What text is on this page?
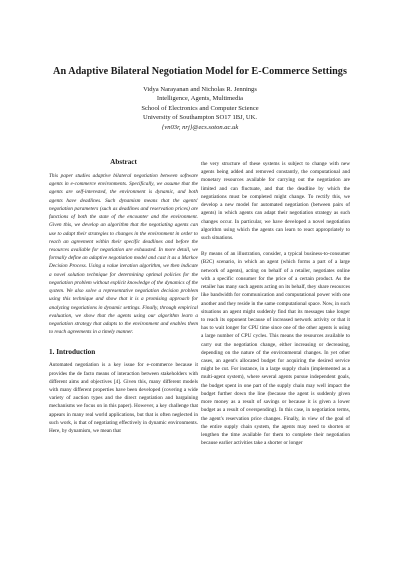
An Adaptive Bilateral Negotiation Model for E-Commerce Settings
Vidya Narayanan and Nicholas R. Jennings
Intelligence, Agents, Multimedia
School of Electronics and Computer Science
University of Southampton SO17 1BJ, UK.
{vn03r, nrj}@ecs.soton.ac.uk

Abstract

This paper studies adaptive bilateral negotiation between software agents in e-commerce environments. Specifically, we assume that the agents are self-interested, the environment is dynamic, and both agents have deadlines. Such dynamism means that the agents' negotiation parameters (such as deadlines and reservation prices) are functions of both the state of the encounter and the environment. Given this, we develop an algorithm that the negotiating agents can use to adapt their strategies to changes in the environment in order to reach an agreement within their specific deadlines and before the resources available for negotiation are exhausted. In more detail, we formally define an adaptive negotiation model and cast it as a Markov Decision Process. Using a value iteration algorithm, we then indicate a novel solution technique for determining optimal policies for the negotiation problem without explicit knowledge of the dynamics of the system. We also solve a representative negotiation decision problem using this technique and show that it is a promising approach for analyzing negotiations in dynamic settings. Finally, through empirical evaluation, we show that the agents using our algorithm learn a negotiation strategy that adapts to the environment and enables them to reach agreements in a timely manner.

1. Introduction

Automated negotiation is a key issue for e-commerce because it provides the de facto means of interaction between stakeholders with different aims and objectives [4]. Given this, many different models with many different properties have been developed (covering a wide variety of auction types and the direct negotiation and bargaining mechanisms we focus on in this paper). However, a key challenge that appears in many real world applications, but that is often neglected in such work, is that of negotiating effectively in dynamic environments. Here, by dynamism, we mean that

the very structure of these systems is subject to change with new agents being added and removed constantly, the computational and monetary resources available for carrying out the negotiation are limited and can fluctuate, and that the deadline by which the negotiations must be completed might change. To rectify this, we develop a new model for automated negotiation (between pairs of agents) in which agents can adapt their negotiation strategy as such changes occur. In particular, we have developed a novel negotiation algorithm using which the agents can learn to react appropriately to such situations.

By means of an illustration, consider, a typical business-to-consumer (B2C) scenario, in which an agent (which forms a part of a large network of agents), acting on behalf of a retailer, negotiates online with a specific consumer for the price of a certain product. As the retailer has many such agents acting on its behalf, they share resources like bandwidth for communication and computational power with one another and they reside in the same computational space. Now, in such situations an agent might suddenly find that its messages take longer to reach its opponent because of increased network activity or that it has to wait longer for CPU time since one of the other agents is using a large number of CPU cycles. This means the resources available to carry out the negotiation change, either increasing or decreasing, depending on the nature of the environmental changes. In yet other cases, an agent's allocated budget for acquiring the desired service might be cut. For instance, in a large supply chain (implemented as a multi-agent system), where several agents pursue independent goals, the budget spent in one part of the supply chain may well impact the budget further down the line (because the agent is suddenly given more money as a result of savings or because it is given a lower budget as a result of overspending). In this case, in negotiation terms, the agent's reservation price changes. Finally, in view of the goal of the entire supply chain system, the agents may need to shorten or lengthen the time available for them to complete their negotiation because earlier activities take a shorter or longer
